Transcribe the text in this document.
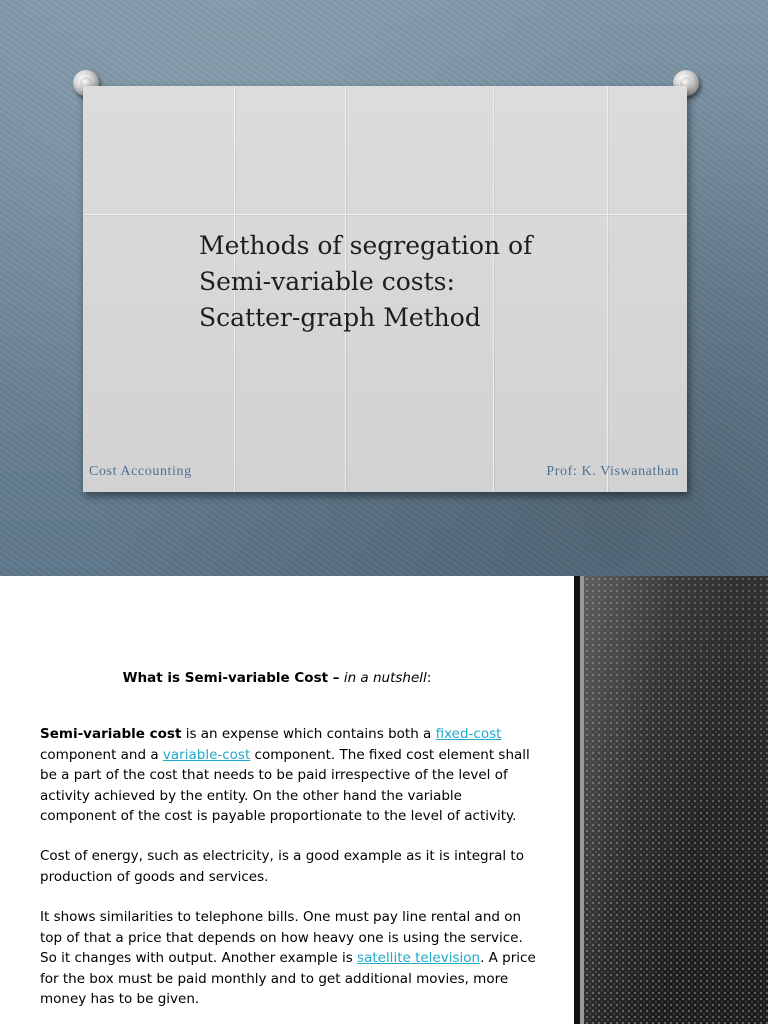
Methods of segregation of
Semi-variable costs:
Scatter-graph Method
Cost Accounting	Prof: K. Viswanathan
What is Semi-variable Cost – in a nutshell:
Semi-variable cost is an expense which contains both a fixed-cost component and a variable-cost component. The fixed cost element shall be a part of the cost that needs to be paid irrespective of the level of activity achieved by the entity. On the other hand the variable component of the cost is payable proportionate to the level of activity.
Cost of energy, such as electricity, is a good example as it is integral to production of goods and services.
It shows similarities to telephone bills. One must pay line rental and on top of that a price that depends on how heavy one is using the service. So it changes with output. Another example is satellite television. A price for the box must be paid monthly and to get additional movies, more money has to be given.
